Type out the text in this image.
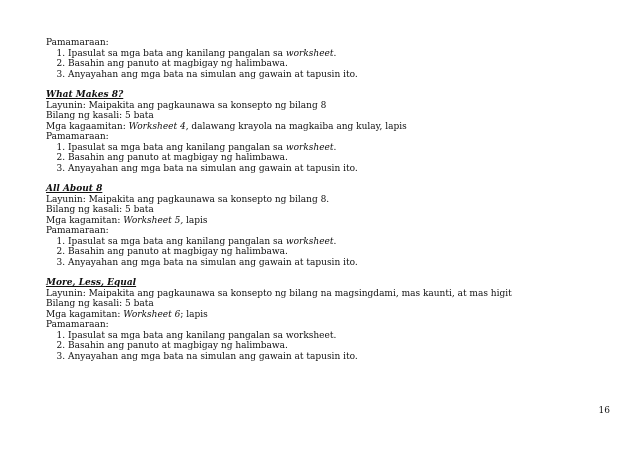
Pamamaraan:
1. Ipasulat sa mga bata ang kanilang pangalan sa worksheet.
2. Basahin ang panuto at magbigay ng halimbawa.
3. Anyayahan ang mga bata na simulan ang gawain at tapusin ito.
What Makes 8?
Layunin: Maipakita ang pagkaunawa sa konsepto ng bilang 8
Bilang ng kasali: 5 bata
Mga kagaamitan: Worksheet 4, dalawang krayola na magkaiba ang kulay, lapis
Pamamaraan:
1. Ipasulat sa mga bata ang kanilang pangalan sa worksheet.
2. Basahin ang panuto at magbigay ng halimbawa.
3. Anyayahan ang mga bata na simulan ang gawain at tapusin ito.
All About 8
Layunin: Maipakita ang pagkaunawa sa konsepto ng bilang 8.
Bilang ng kasali: 5 bata
Mga kagamitan: Worksheet 5, lapis
Pamamaraan:
1. Ipasulat sa mga bata ang kanilang pangalan sa worksheet.
2. Basahin ang panuto at magbigay ng halimbawa.
3. Anyayahan ang mga bata na simulan ang gawain at tapusin ito.
More, Less, Equal
Layunin: Maipakita ang pagkaunawa sa konsepto ng bilang na magsingdami, mas kaunti, at mas higit
Bilang ng kasali: 5 bata
Mga kagamitan: Worksheet 6; lapis
Pamamaraan:
1. Ipasulat sa mga bata ang kanilang pangalan sa worksheet.
2. Basahin ang panuto at magbigay ng halimbawa.
3. Anyayahan ang mga bata na simulan ang gawain at tapusin ito.
16
